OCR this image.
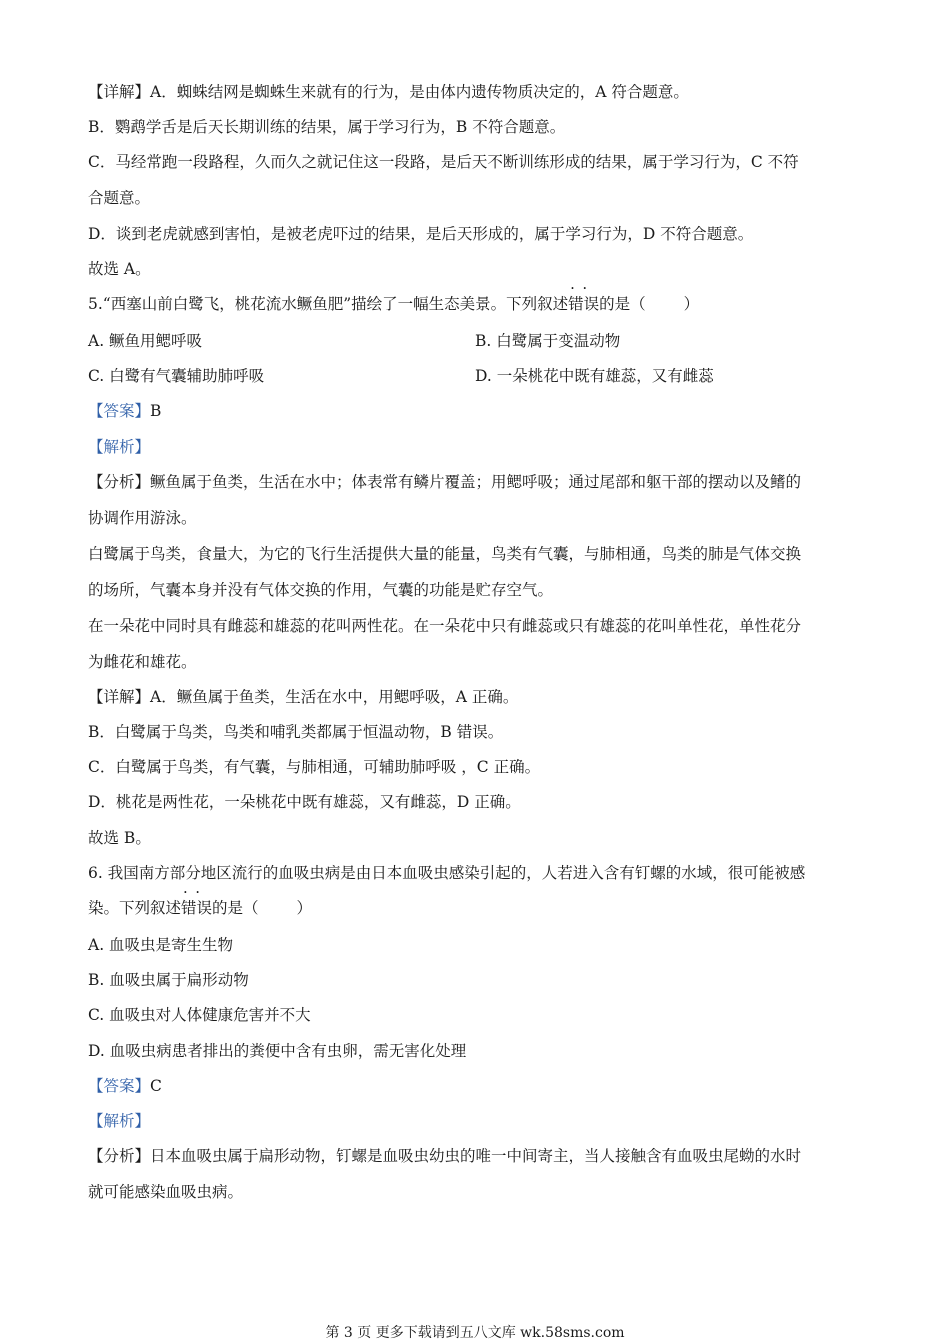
【详解】A．蜘蛛结网是蜘蛛生来就有的行为，是由体内遗传物质决定的，A 符合题意。
B．鹦鹉学舌是后天长期训练的结果，属于学习行为，B 不符合题意。
C．马经常跑一段路程，久而久之就记住这一段路，是后天不断训练形成的结果，属于学习行为，C 不符
合题意。
D．谈到老虎就感到害怕，是被老虎吓过的结果，是后天形成的，属于学习行为，D 不符合题意。
故选 A。
5.“西塞山前白鹭飞，桃花流水鳜鱼肥”描绘了一幅生态美景。下列叙述· · 错误的是（ ）
A. 鳜鱼用鳃呼吸	B. 白鹭属于变温动物
C. 白鹭有气囊辅助肺呼吸	D. 一朵桃花中既有雄蕊，又有雌蕊
【答案】B
【解析】
【分析】鳜鱼属于鱼类，生活在水中；体表常有鳞片覆盖；用鳃呼吸；通过尾部和躯干部的摆动以及鳍的
协调作用游泳。
白鹭属于鸟类，食量大，为它的飞行生活提供大量的能量，鸟类有气囊，与肺相通，鸟类的肺是气体交换
的场所，气囊本身并没有气体交换的作用，气囊的功能是贮存空气。
在一朵花中同时具有雌蕊和雄蕊的花叫两性花。在一朵花中只有雌蕊或只有雄蕊的花叫单性花，单性花分
为雌花和雄花。
【详解】A．鳜鱼属于鱼类，生活在水中，用鳃呼吸，A 正确。
B．白鹭属于鸟类，鸟类和哺乳类都属于恒温动物，B 错误。
C．白鹭属于鸟类，有气囊，与肺相通，可辅助肺呼吸 ，C 正确。
D．桃花是两性花，一朵桃花中既有雄蕊，又有雌蕊，D 正确。
故选 B。
6. 我国南方部分地区流行的血吸虫病是由日本血吸虫感染引起的，人若进入含有钉螺的水域，很可能被感
染。下列叙述· · 错误的是（ ）
A. 血吸虫是寄生生物
B. 血吸虫属于扁形动物
C. 血吸虫对人体健康危害并不大
D. 血吸虫病患者排出的粪便中含有虫卵，需无害化处理
【答案】C
【解析】
【分析】日本血吸虫属于扁形动物，钉螺是血吸虫幼虫的唯一中间寄主，当人接触含有血吸虫尾蚴的水时
就可能感染血吸虫病。
第 3 页 更多下载请到五八文库 wk.58sms.com
